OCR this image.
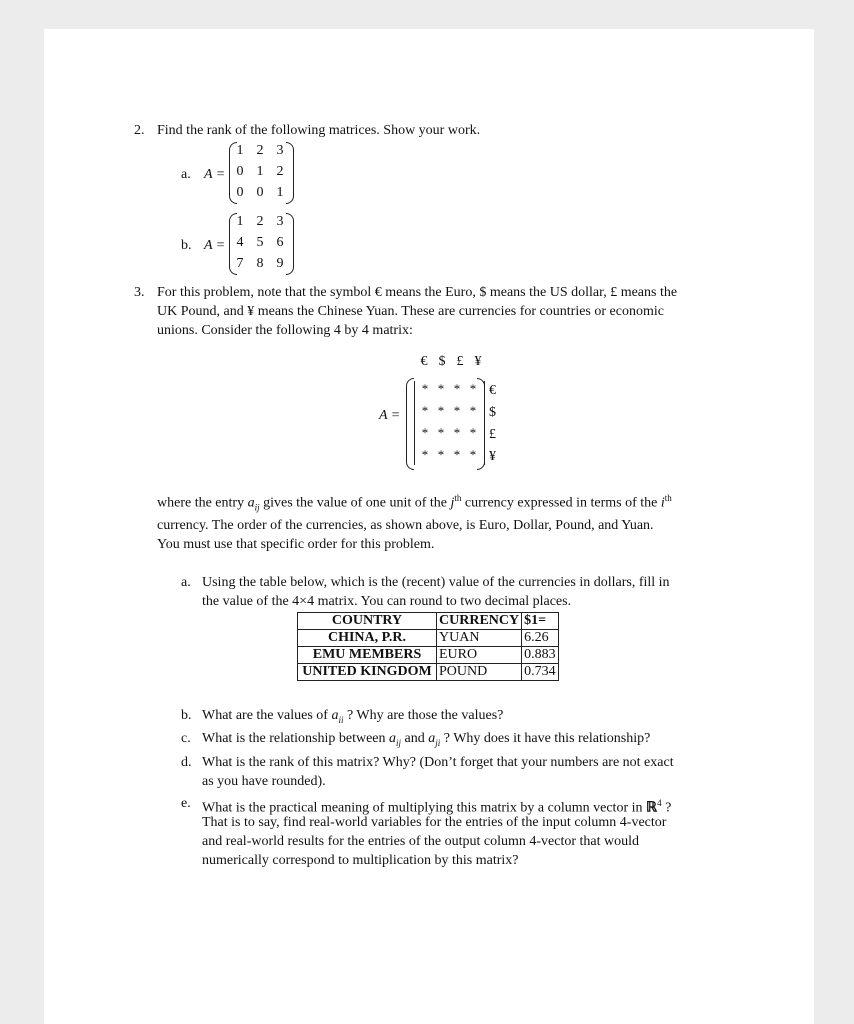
2. Find the rank of the following matrices. Show your work.
a. A =
1 2 3
0 1 2
0 0 1
b. A =
1 2 3
4 5 6
7 8 9
3. For this problem, note that the symbol € means the Euro, $ means the US dollar, £ means the
UK Pound, and ¥ means the Chinese Yuan. These are currencies for countries or economic
unions. Consider the following 4 by 4 matrix:
€ $ £ ¥
A =
* * * * €
* * * * $
* * * * £
* * * * ¥
where the entry $a_{ij}$ gives the value of one unit of the $j^{th}$ currency expressed in terms of the $i^{th}$
currency. The order of the currencies, as shown above, is Euro, Dollar, Pound, and Yuan.
You must use that specific order for this problem.
a. Using the table below, which is the (recent) value of the currencies in dollars, fill in
the value of the 4×4 matrix. You can round to two decimal places.
COUNTRY	CURRENCY	$1=
CHINA, P.R.	YUAN	6.26
EMU MEMBERS	EURO	0.883
UNITED KINGDOM	POUND	0.734
b. What are the values of $a_{ii}$ ? Why are those the values?
c. What is the relationship between $a_{ij}$ and $a_{ji}$ ? Why does it have this relationship?
d. What is the rank of this matrix? Why? (Don’t forget that your numbers are not exact
as you have rounded).
e. What is the practical meaning of multiplying this matrix by a column vector in ℝ$^4$ ?
That is to say, find real-world variables for the entries of the input column 4-vector
and real-world results for the entries of the output column 4-vector that would
numerically correspond to multiplication by this matrix?
